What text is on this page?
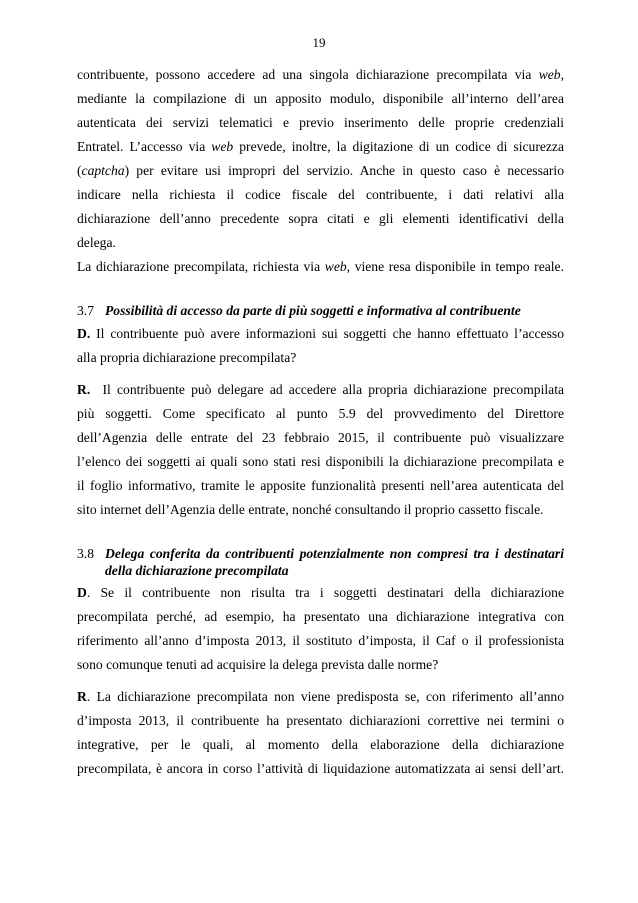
19
contribuente, possono accedere ad una singola dichiarazione precompilata via web,
mediante la compilazione di un apposito modulo, disponibile all’interno dell’area
autenticata dei servizi telematici e previo inserimento delle proprie credenziali
Entratel. L’accesso via web prevede, inoltre, la digitazione di un codice di sicurezza
(captcha) per evitare usi impropri del servizio. Anche in questo caso è necessario
indicare nella richiesta il codice fiscale del contribuente, i dati relativi alla
dichiarazione dell’anno precedente sopra citati e gli elementi identificativi della
delega.
La dichiarazione precompilata, richiesta via web, viene resa disponibile in tempo reale.
3.7 Possibilità di accesso da parte di più soggetti e informativa al contribuente
D. Il contribuente può avere informazioni sui soggetti che hanno effettuato l’accesso
alla propria dichiarazione precompilata?
R. Il contribuente può delegare ad accedere alla propria dichiarazione precompilata
più soggetti. Come specificato al punto 5.9 del provvedimento del Direttore
dell’Agenzia delle entrate del 23 febbraio 2015, il contribuente può visualizzare
l’elenco dei soggetti ai quali sono stati resi disponibili la dichiarazione precompilata e
il foglio informativo, tramite le apposite funzionalità presenti nell’area autenticata del
sito internet dell’Agenzia delle entrate, nonché consultando il proprio cassetto fiscale.
3.8 Delega conferita da contribuenti potenzialmente non compresi tra i destinatari
della dichiarazione precompilata
D. Se il contribuente non risulta tra i soggetti destinatari della dichiarazione
precompilata perché, ad esempio, ha presentato una dichiarazione integrativa con
riferimento all’anno d’imposta 2013, il sostituto d’imposta, il Caf o il professionista
sono comunque tenuti ad acquisire la delega prevista dalle norme?
R. La dichiarazione precompilata non viene predisposta se, con riferimento all’anno
d’imposta 2013, il contribuente ha presentato dichiarazioni correttive nei termini o
integrative, per le quali, al momento della elaborazione della dichiarazione
precompilata, è ancora in corso l’attività di liquidazione automatizzata ai sensi dell’art.
